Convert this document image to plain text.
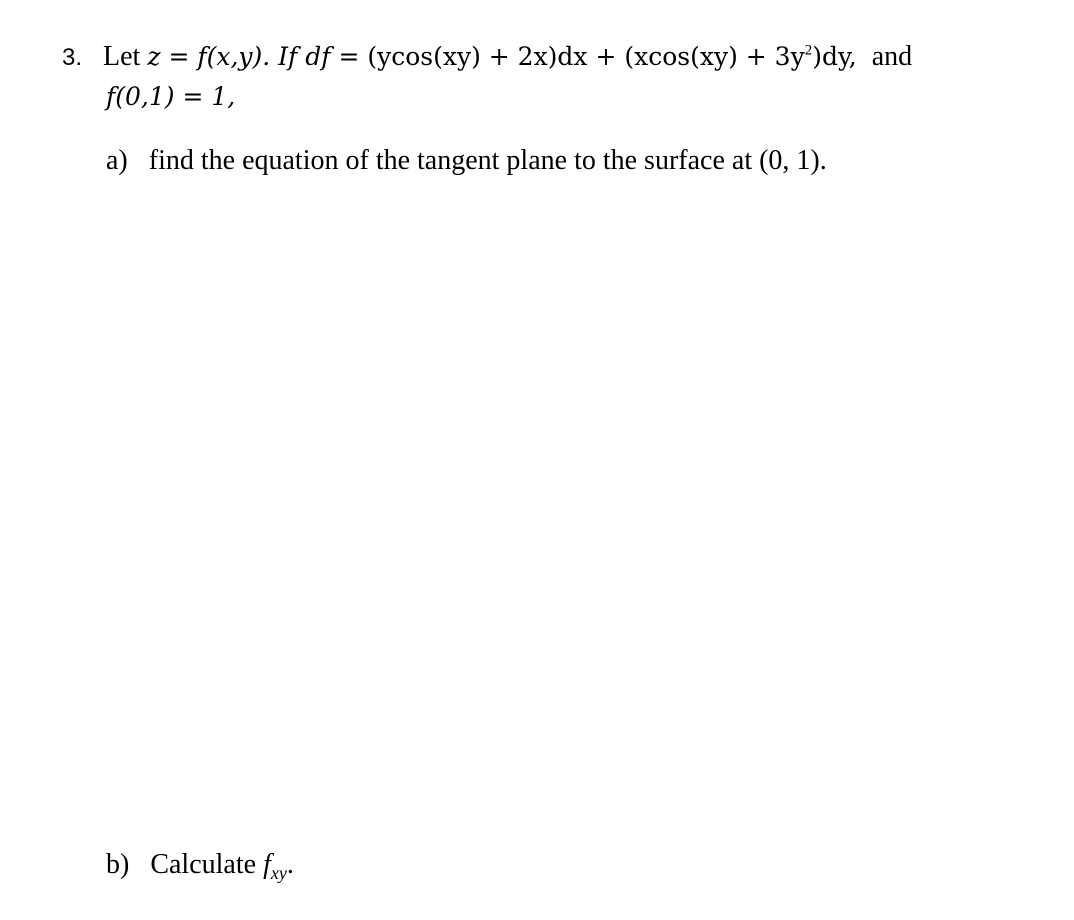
3. Let z = f(x,y). If df = $(ycos(xy) + 2x)dx + (xcos(xy) + 3y^2)dy$, and
f(0,1) = 1,
a) find the equation of the tangent plane to the surface at (0, 1).
b) Calculate $f_{xy}$.
